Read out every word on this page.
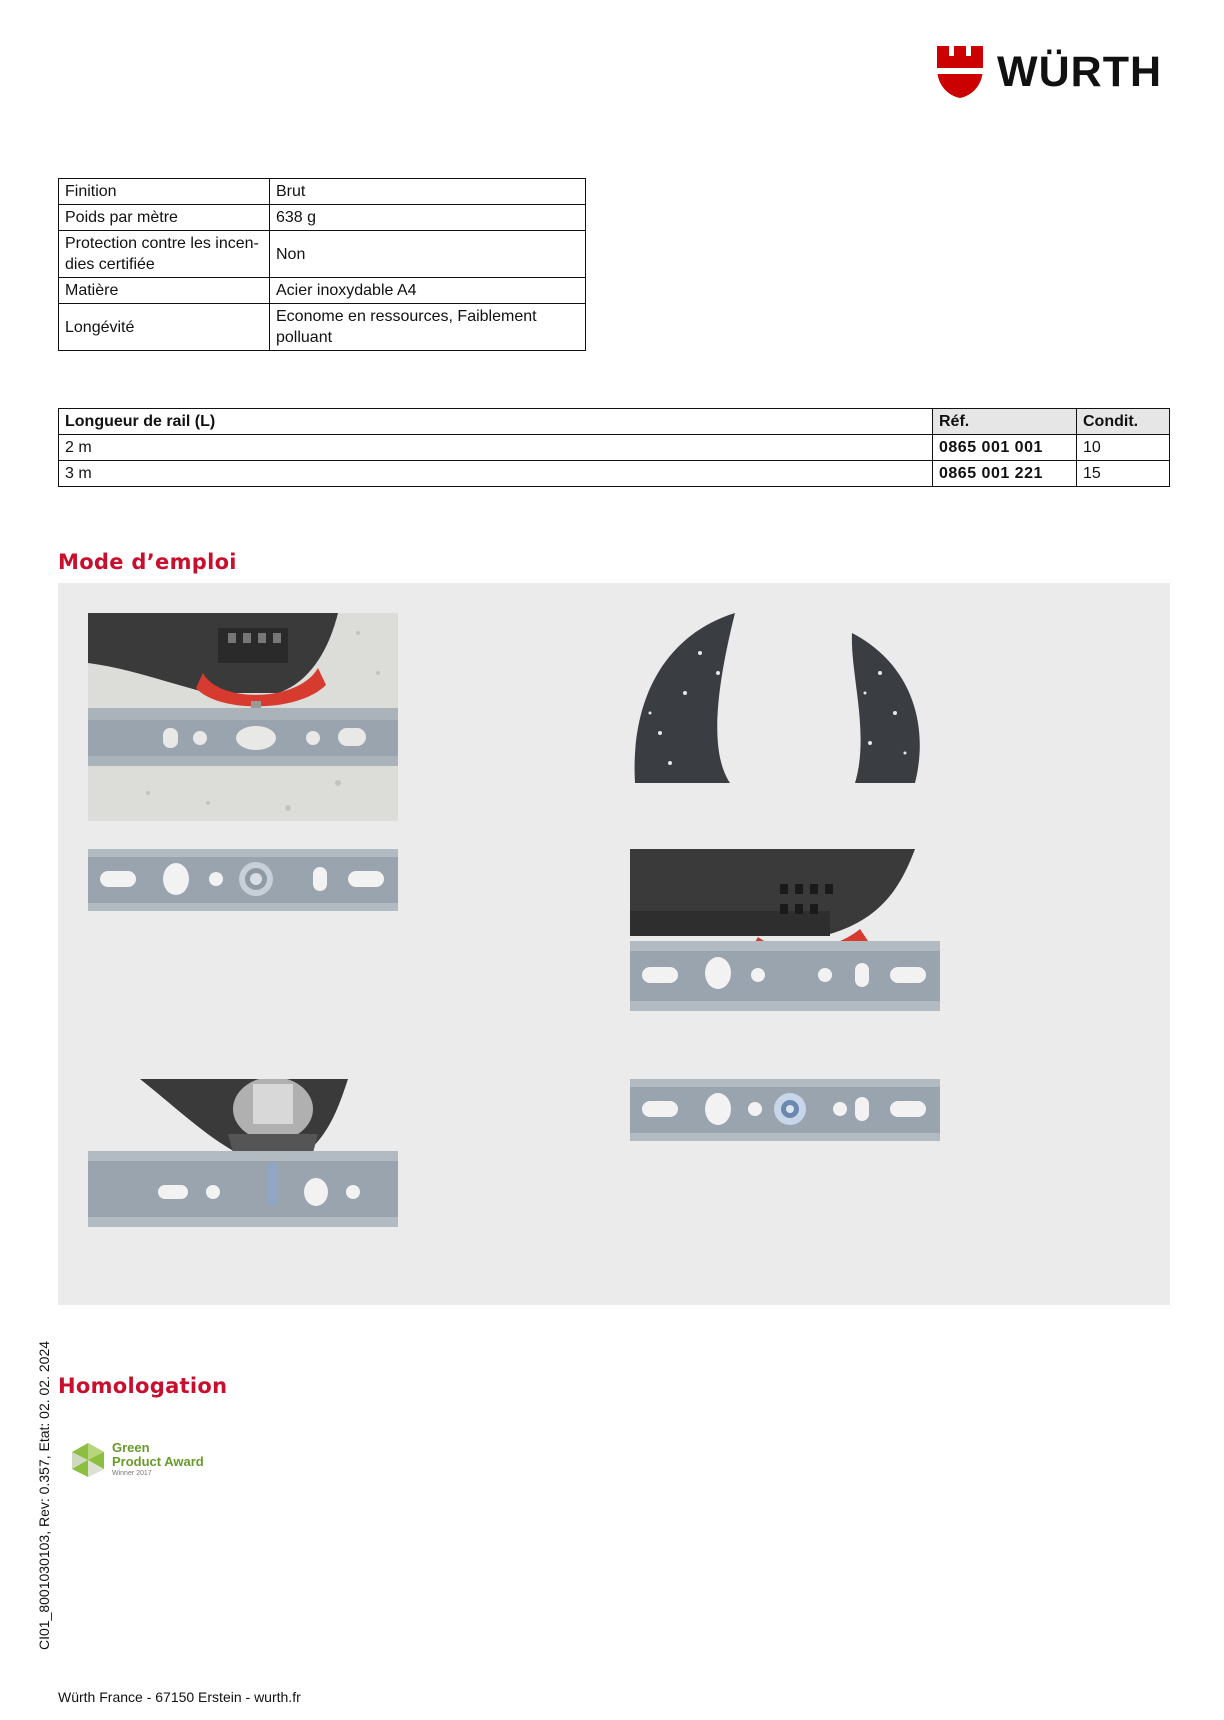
WÜRTH
Finition	Brut
Poids par mètre	638 g
Protection contre les incen-
dies certifiée	Non
Matière	Acier inoxydable A4
Longévité	Econome en ressources, Faiblement
polluant
Longueur de rail (L)	Réf.	Condit.
2 m	0865 001 001	10
3 m	0865 001 221	15
Mode d’emploi
Homologation
Green
Product Award
Winner 2017
CI01_8001030103, Rev: 0.357, Etat: 02. 02. 2024
Würth France - 67150 Erstein - wurth.fr
